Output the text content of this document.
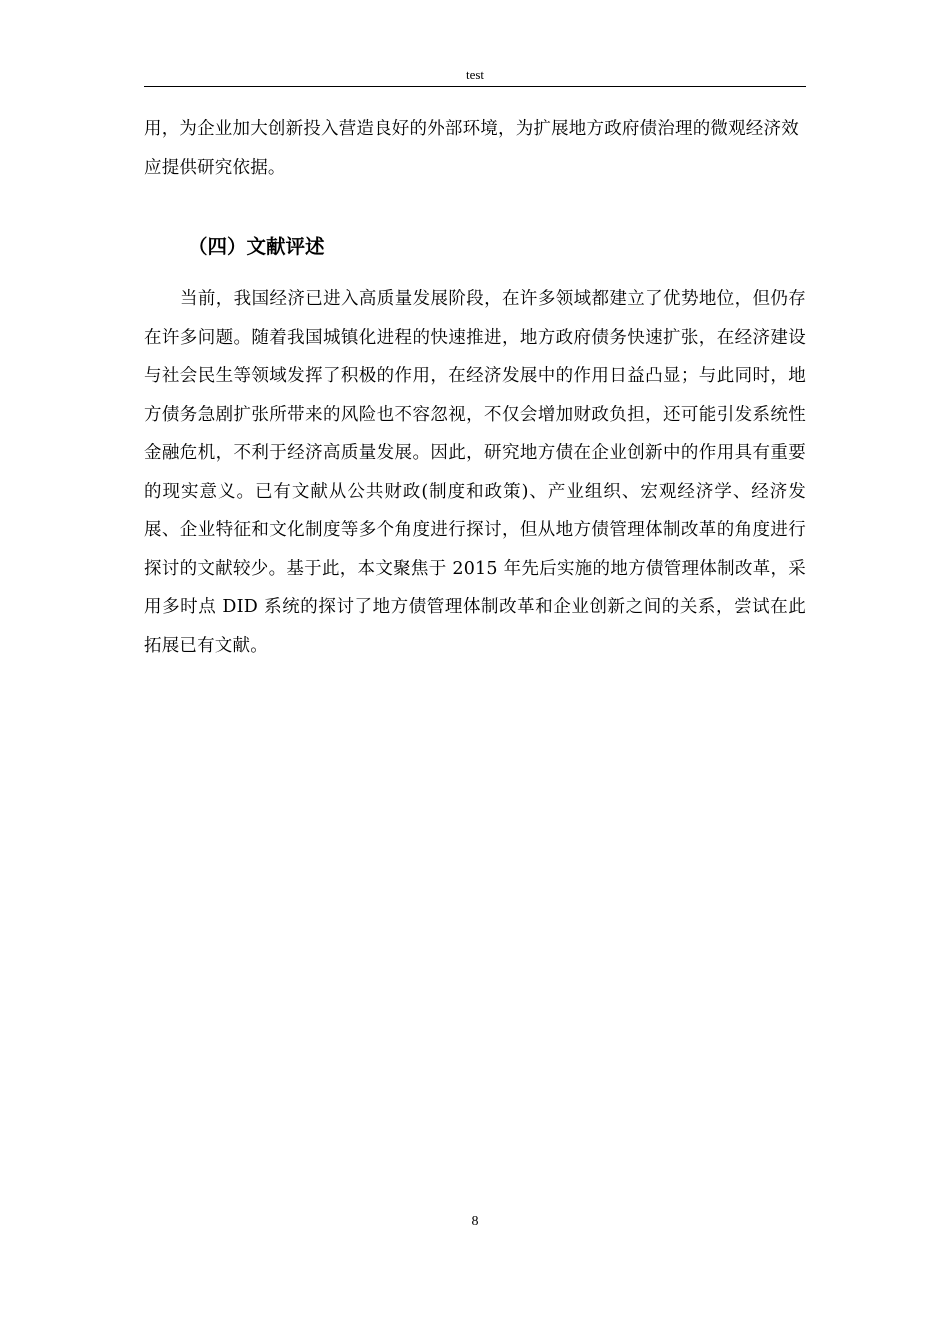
test
用，为企业加大创新投入营造良好的外部环境，为扩展地方政府债治理的微观经济效应提供研究依据。
（四）文献评述
当前，我国经济已进入高质量发展阶段，在许多领域都建立了优势地位，但仍存在许多问题。随着我国城镇化进程的快速推进，地方政府债务快速扩张，在经济建设与社会民生等领域发挥了积极的作用，在经济发展中的作用日益凸显；与此同时，地方债务急剧扩张所带来的风险也不容忽视，不仅会增加财政负担，还可能引发系统性金融危机，不利于经济高质量发展。因此，研究地方债在企业创新中的作用具有重要的现实意义。已有文献从公共财政(制度和政策)、产业组织、宏观经济学、经济发展、企业特征和文化制度等多个角度进行探讨，但从地方债管理体制改革的角度进行探讨的文献较少。基于此，本文聚焦于 2015 年先后实施的地方债管理体制改革，采用多时点 DID 系统的探讨了地方债管理体制改革和企业创新之间的关系，尝试在此拓展已有文献。
8
